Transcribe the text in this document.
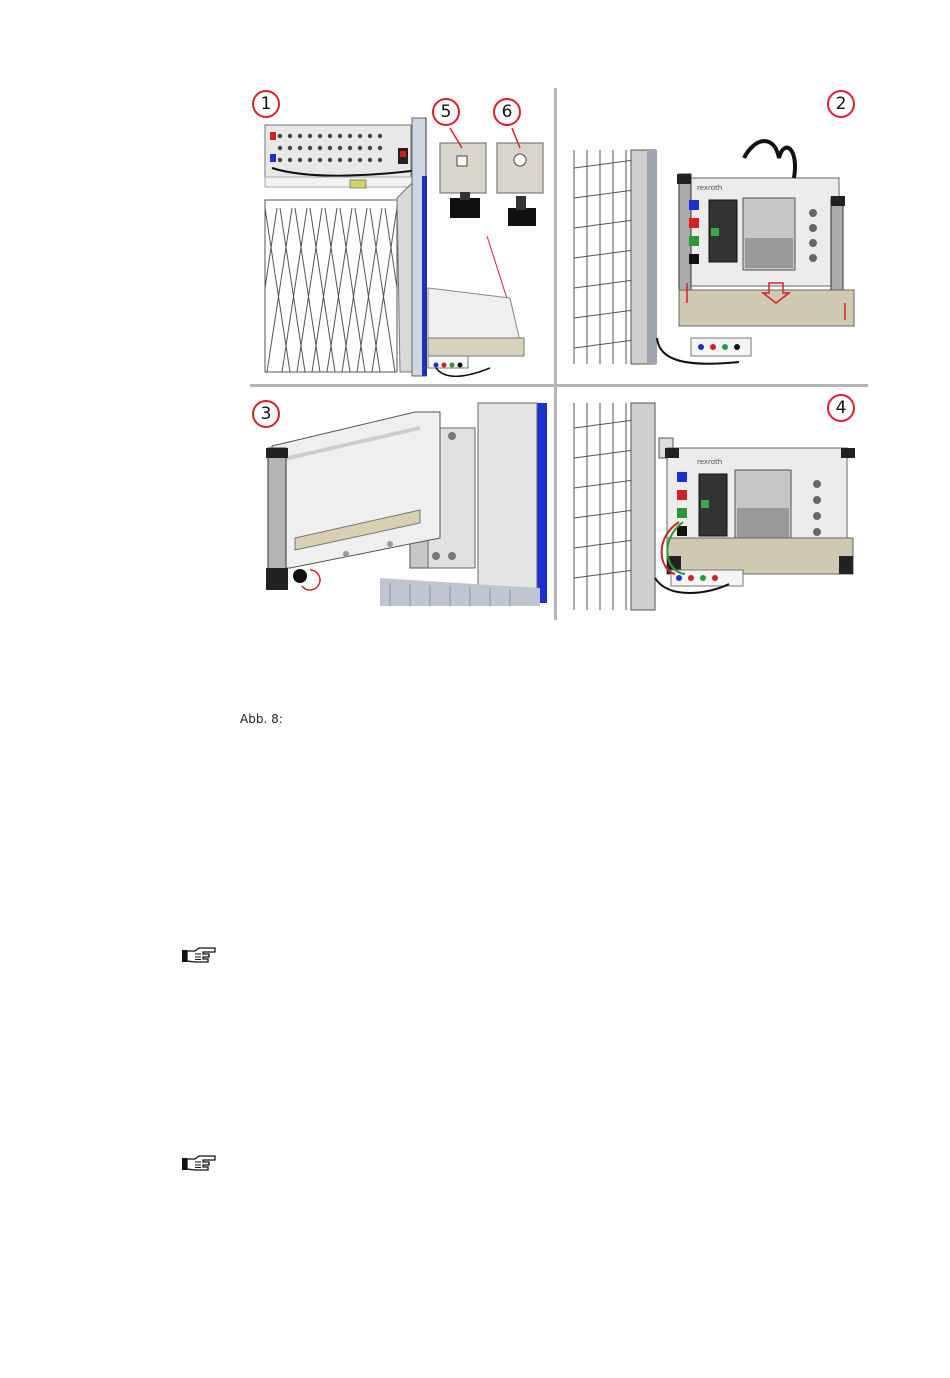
1	5	6
rexroth
2
3
rexroth
4
Abb. 8:
